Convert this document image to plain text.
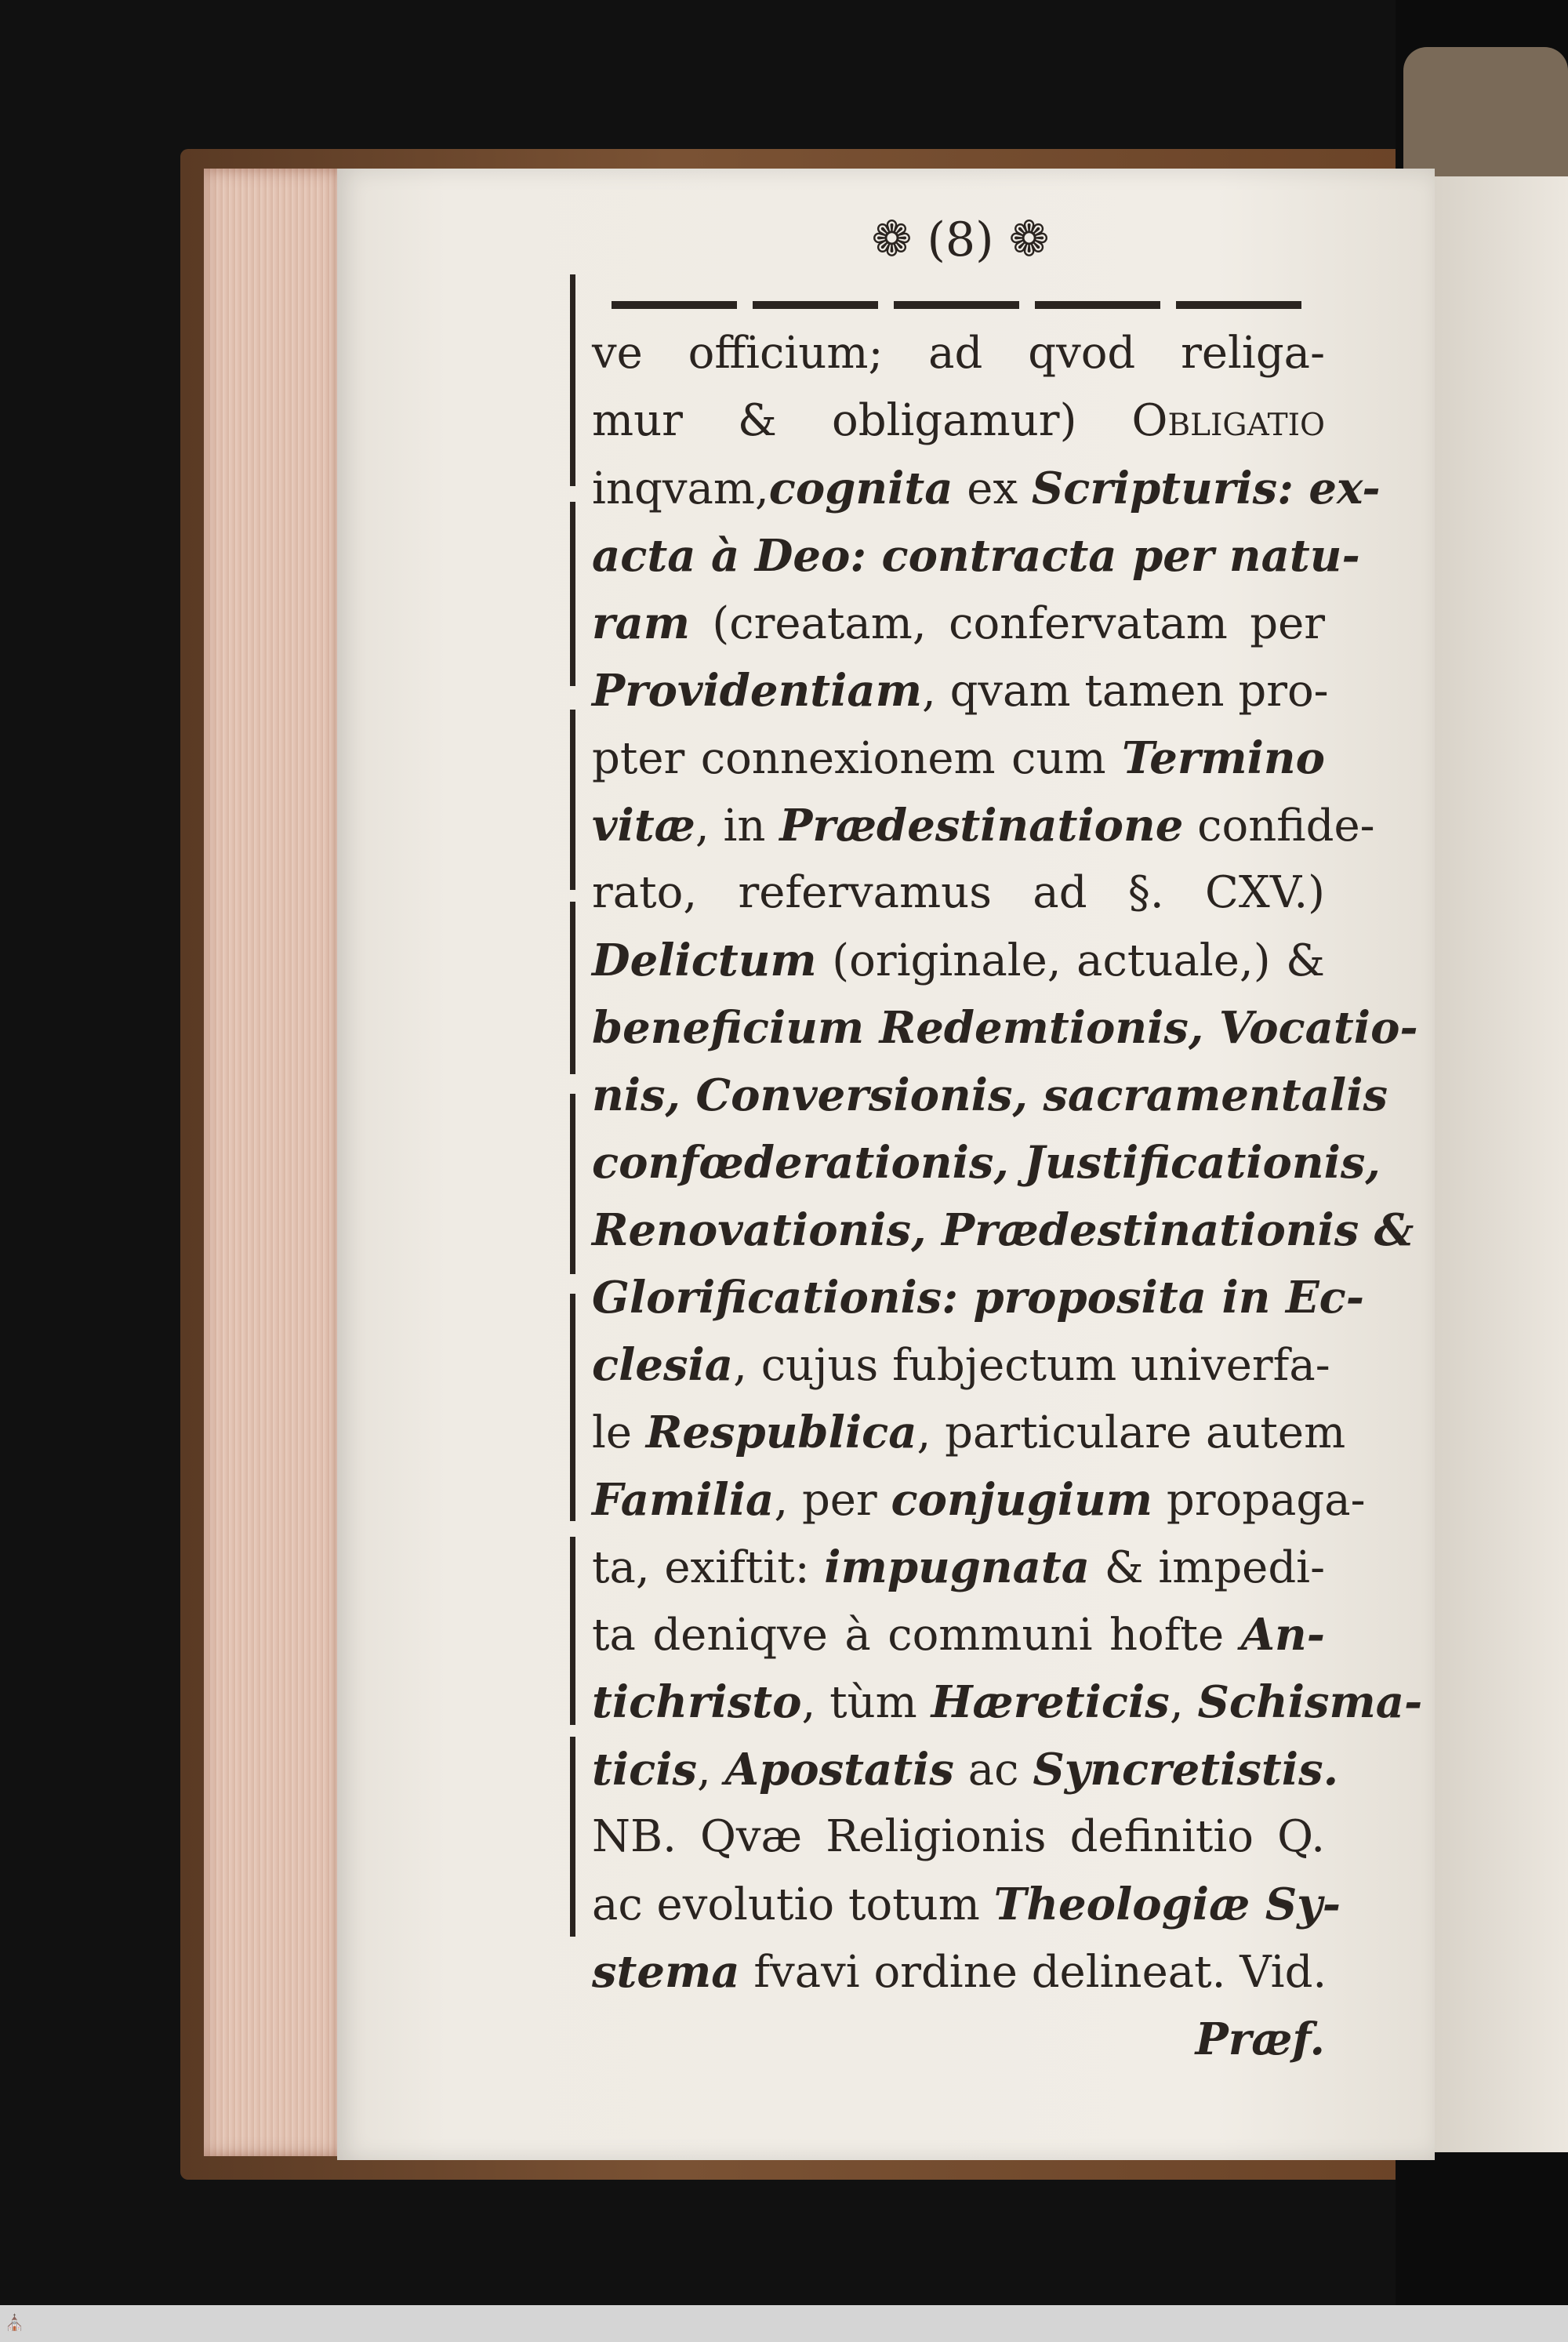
❁ (8) ❁
ve officium; ad qvod religa-
mur & obligamur) Obligatio
inqvam,cognita ex Scripturis: ex-
acta à Deo: contracta per natu-
ram (creatam, confervatam per
Providentiam, qvam tamen pro-
pter connexionem cum Termino
vitæ, in Prædestinatione confide-
rato, refervamus ad §. CXV.)
Delictum (originale, actuale,) &
beneficium Redemtionis, Vocatio-
nis, Conversionis, sacramentalis
confœderationis, Justificationis,
Renovationis, Prædestinationis &
Glorificationis: proposita in Ec-
clesia, cujus fubjectum univerfa-
le Respublica, particulare autem
Familia, per conjugium propaga-
ta, exiftit: impugnata & impedi-
ta deniqve à communi hofte An-
tichristo, tùm Hæreticis, Schisma-
ticis, Apostatis ac Syncretistis.
NB. Qvæ Religionis definitio Q.
ac evolutio totum Theologiæ Sy-
stema fvavi ordine delineat. Vid.
Præf.
⛪
